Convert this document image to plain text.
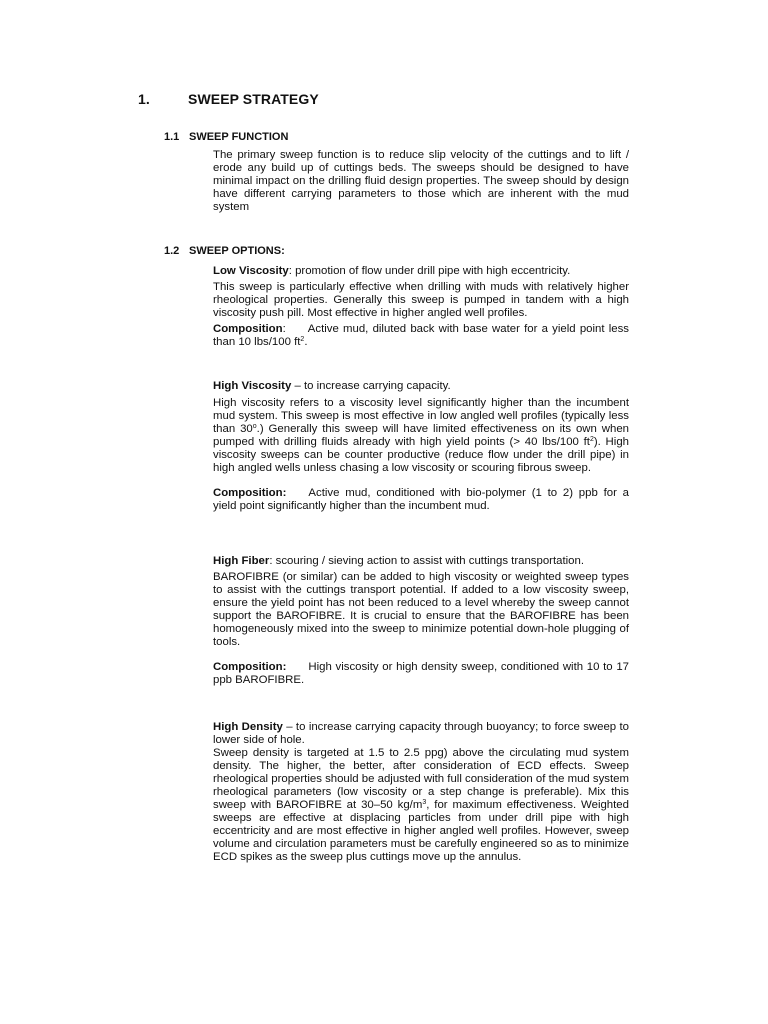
1.	SWEEP STRATEGY
1.1 SWEEP FUNCTION

The primary sweep function is to reduce slip velocity of the cuttings and to lift / erode any build up of cuttings beds. The sweeps should be designed to have minimal impact on the drilling fluid design properties. The sweep should by design have different carrying parameters to those which are inherent with the mud system

1.2 SWEEP OPTIONS:

Low Viscosity: promotion of flow under drill pipe with high eccentricity.

This sweep is particularly effective when drilling with muds with relatively higher rheological properties. Generally this sweep is pumped in tandem with a high viscosity push pill. Most effective in higher angled well profiles.

Composition: Active mud, diluted back with base water for a yield point less than 10 lbs/100 $ft^2$.

High Viscosity – to increase carrying capacity.

High viscosity refers to a viscosity level significantly higher than the incumbent mud system. This sweep is most effective in low angled well profiles (typically less than 30$^o$.) Generally this sweep will have limited effectiveness on its own when pumped with drilling fluids already with high yield points (> 40 lbs/100 $ft^2$). High viscosity sweeps can be counter productive (reduce flow under the drill pipe) in high angled wells unless chasing a low viscosity or scouring fibrous sweep.

Composition: Active mud, conditioned with bio-polymer (1 to 2) ppb for a yield point significantly higher than the incumbent mud.

High Fiber: scouring / sieving action to assist with cuttings transportation.

BAROFIBRE (or similar) can be added to high viscosity or weighted sweep types to assist with the cuttings transport potential. If added to a low viscosity sweep, ensure the yield point has not been reduced to a level whereby the sweep cannot support the BAROFIBRE. It is crucial to ensure that the BAROFIBRE has been homogeneously mixed into the sweep to minimize potential down-hole plugging of tools.

Composition: High viscosity or high density sweep, conditioned with 10 to 17 ppb BAROFIBRE.

High Density – to increase carrying capacity through buoyancy; to force sweep to lower side of hole.

Sweep density is targeted at 1.5 to 2.5 ppg) above the circulating mud system density. The higher, the better, after consideration of ECD effects. Sweep rheological properties should be adjusted with full consideration of the mud system rheological parameters (low viscosity or a step change is preferable). Mix this sweep with BAROFIBRE at 30–50 $kg/m^3$, for maximum effectiveness. Weighted sweeps are effective at displacing particles from under drill pipe with high eccentricity and are most effective in higher angled well profiles. However, sweep volume and circulation parameters must be carefully engineered so as to minimize ECD spikes as the sweep plus cuttings move up the annulus.
